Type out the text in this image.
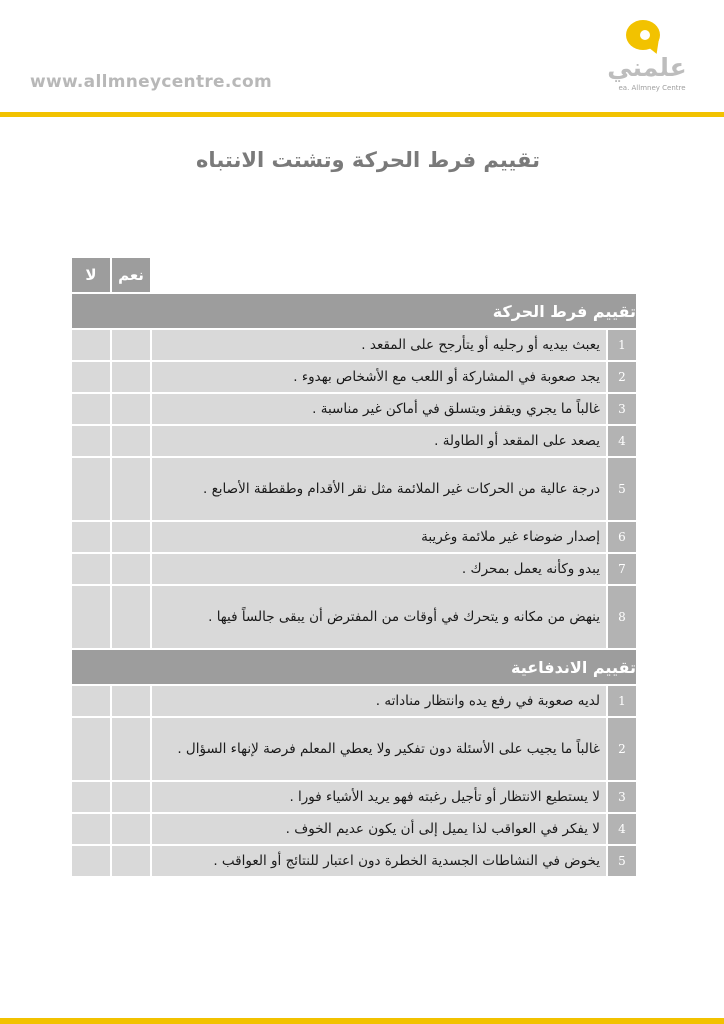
www.allmneycentre.com	علمني
ea. Allmney Centre
تقييم فرط الحركة وتشتت الانتباه
		نعم	لا
تقييم فرط الحركة			
1	يعبث بيديه أو رجليه أو يتأرجح على المقعد .		
2	يجد صعوبة في المشاركة أو اللعب مع الأشخاص بهدوء .		
3	غالباً ما يجري ويقفز ويتسلق في أماكن غير مناسبة .		
4	يصعد على المقعد أو الطاولة .		
5	درجة عالية من الحركات غير الملائمة مثل نقر الأقدام وطقطقة الأصابع .		
6	إصدار ضوضاء غير ملائمة وغريبة		
7	يبدو وكأنه يعمل بمحرك .		
8	ينهض من مكانه و يتحرك في أوقات من المفترض أن يبقى جالساً فيها .		
تقييم الاندفاعية			
1	لديه صعوبة في رفع يده وانتظار مناداته .		
2	غالباً ما يجيب على الأسئلة دون تفكير ولا يعطي المعلم فرصة لإنهاء السؤال .		
3	لا يستطيع الانتظار أو تأجيل رغبته فهو يريد الأشياء فورا .		
4	لا يفكر في العواقب لذا يميل إلى أن يكون عديم الخوف .		
5	يخوض في النشاطات الجسدية الخطرة دون اعتبار للنتائج أو العواقب .		
